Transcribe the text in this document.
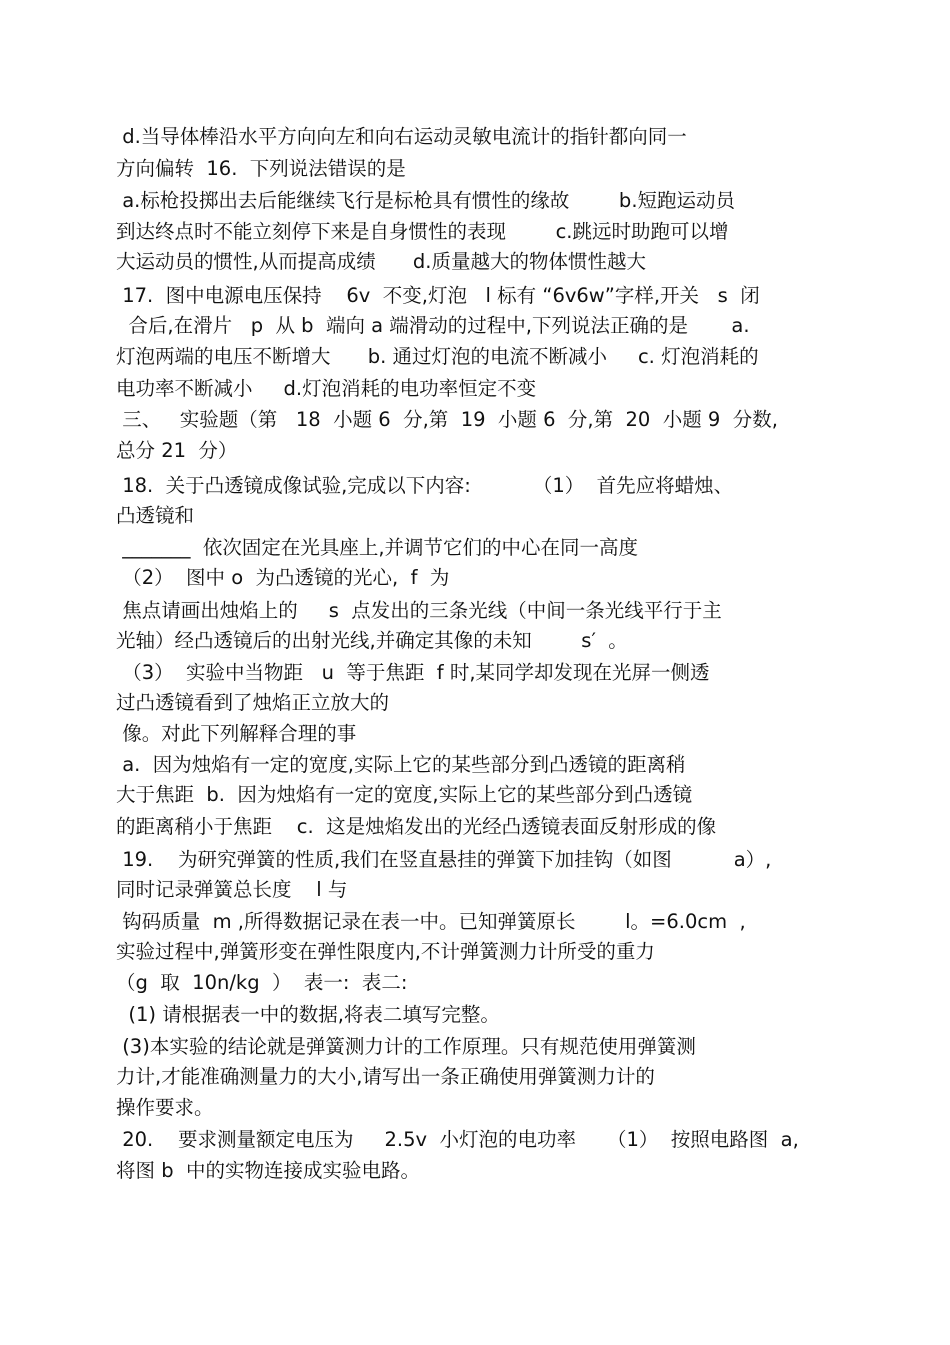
d.当导体棒沿水平方向向左和向右运动灵敏电流计的指针都向同一
方向偏转  16.  下列说法错误的是
a.标枪投掷出去后能继续飞行是标枪具有惯性的缘故        b.短跑运动员
到达终点时不能立刻停下来是自身惯性的表现        c.跳远时助跑可以增
大运动员的惯性,从而提高成绩      d.质量越大的物体惯性越大
17.  图中电源电压保持    6v  不变,灯泡   l 标有 “6v6w”字样,开关   s  闭
合后,在滑片   p  从 b  端向 a 端滑动的过程中,下列说法正确的是       a.
灯泡两端的电压不断增大      b. 通过灯泡的电流不断减小     c. 灯泡消耗的
电功率不断减小     d.灯泡消耗的电功率恒定不变
三、   实验题（第   18  小题 6  分,第  19  小题 6  分,第  20  小题 9  分数,
总分 21  分）
18.  关于凸透镜成像试验,完成以下内容:          （1）  首先应将蜡烛、
凸透镜和
_______  依次固定在光具座上,并调节它们的中心在同一高度
（2）  图中 o  为凸透镜的光心,  f  为
焦点请画出烛焰上的     s  点发出的三条光线（中间一条光线平行于主
光轴）经凸透镜后的出射光线,并确定其像的未知        s′  。
（3）  实验中当物距   u  等于焦距  f 时,某同学却发现在光屏一侧透
过凸透镜看到了烛焰正立放大的
像。对此下列解释合理的事
a.  因为烛焰有一定的宽度,实际上它的某些部分到凸透镜的距离稍
大于焦距  b.  因为烛焰有一定的宽度,实际上它的某些部分到凸透镜
的距离稍小于焦距    c.  这是烛焰发出的光经凸透镜表面反射形成的像
19.    为研究弹簧的性质,我们在竖直悬挂的弹簧下加挂钩（如图          a）,
同时记录弹簧总长度    l 与
钩码质量  m ,所得数据记录在表一中。已知弹簧原长        l。=6.0cm  ,
实验过程中,弹簧形变在弹性限度内,不计弹簧测力计所受的重力
（g  取  10n/kg  ）  表一:  表二:
(1) 请根据表一中的数据,将表二填写完整。
(3)本实验的结论就是弹簧测力计的工作原理。只有规范使用弹簧测
力计,才能准确测量力的大小,请写出一条正确使用弹簧测力计的
操作要求。
20.    要求测量额定电压为     2.5v  小灯泡的电功率     （1）  按照电路图  a,
将图 b  中的实物连接成实验电路。
